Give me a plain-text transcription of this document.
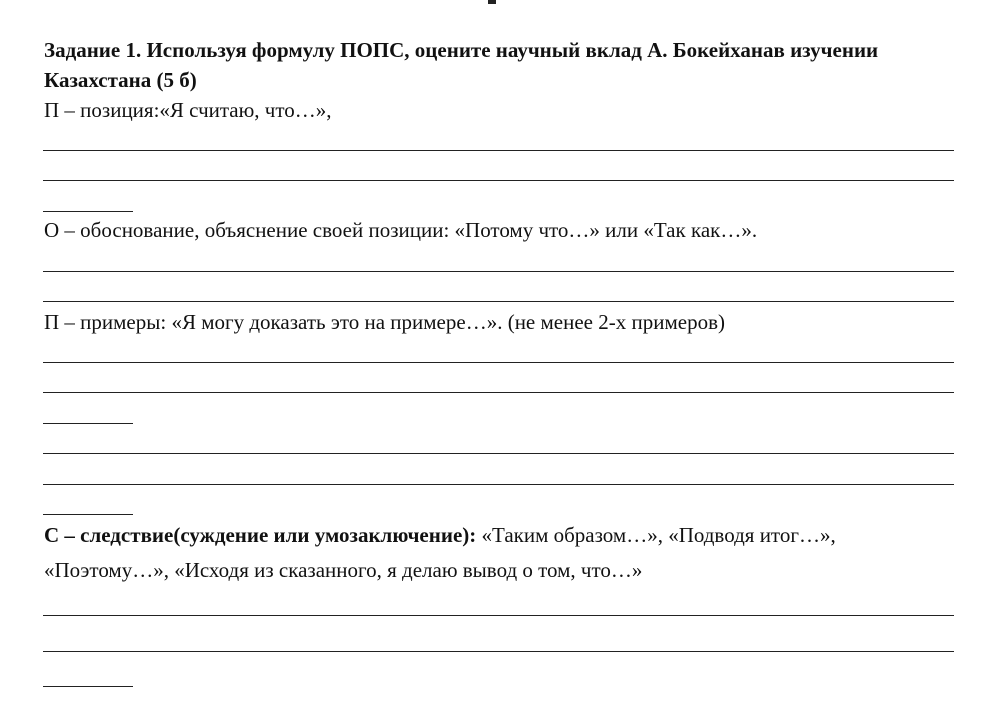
Задание 1. Используя формулу ПОПС, оцените научный вклад А. Бокейханав изучении
Казахстана (5 б)
П – позиция:«Я считаю, что…»,
О – обоснование, объяснение своей позиции: «Потому что…» или «Так как…».
П – примеры: «Я могу доказать это на примере…». (не менее 2-х примеров)
С – следствие(суждение или умозаключение): «Таким образом…», «Подводя итог…»,
«Поэтому…», «Исходя из сказанного, я делаю вывод о том, что…»
